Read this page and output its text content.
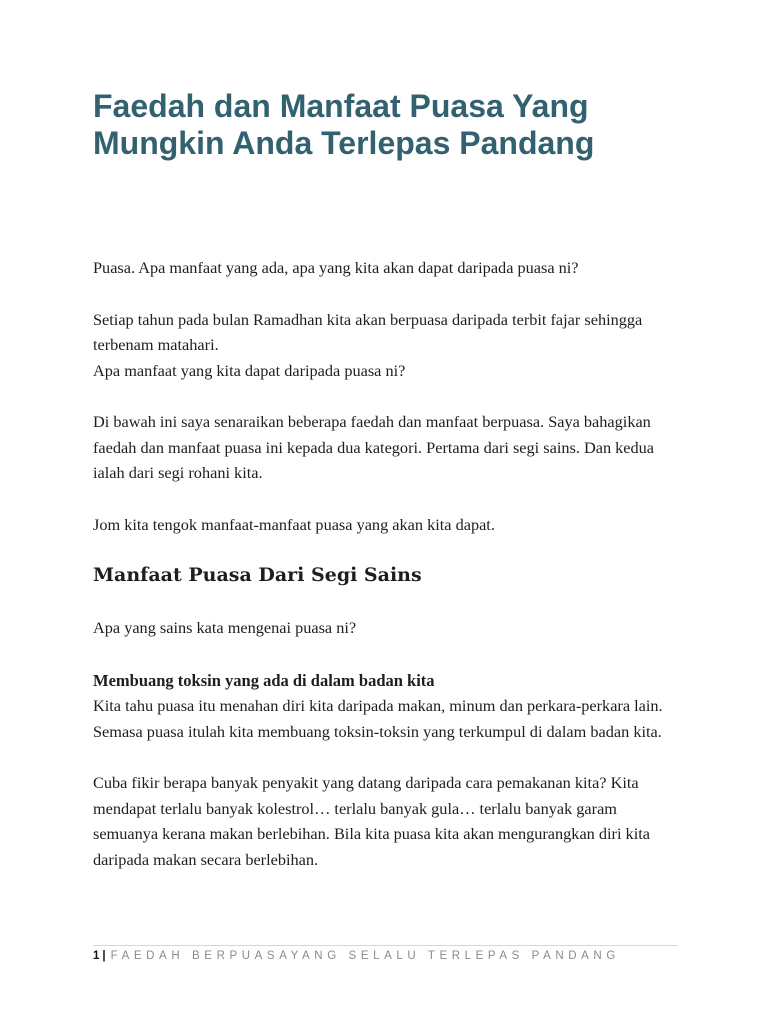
Faedah dan Manfaat Puasa Yang Mungkin Anda Terlepas Pandang

Puasa. Apa manfaat yang ada, apa yang kita akan dapat daripada puasa ni?

Setiap tahun pada bulan Ramadhan kita akan berpuasa daripada terbit fajar sehingga terbenam matahari.

Apa manfaat yang kita dapat daripada puasa ni?

Di bawah ini saya senaraikan beberapa faedah dan manfaat berpuasa. Saya bahagikan faedah dan manfaat puasa ini kepada dua kategori. Pertama dari segi sains. Dan kedua ialah dari segi rohani kita.

Jom kita tengok manfaat-manfaat puasa yang akan kita dapat.

Manfaat Puasa Dari Segi Sains

Apa yang sains kata mengenai puasa ni?

Membuang toksin yang ada di dalam badan kita

Kita tahu puasa itu menahan diri kita daripada makan, minum dan perkara-perkara lain. Semasa puasa itulah kita membuang toksin-toksin yang terkumpul di dalam badan kita.

Cuba fikir berapa banyak penyakit yang datang daripada cara pemakanan kita? Kita mendapat terlalu banyak kolestrol… terlalu banyak gula… terlalu banyak garam semuanya kerana makan berlebihan. Bila kita puasa kita akan mengurangkan diri kita daripada makan secara berlebihan.

1 | FAEDAH BERPUASAYANG SELALU TERLEPAS PANDANG
